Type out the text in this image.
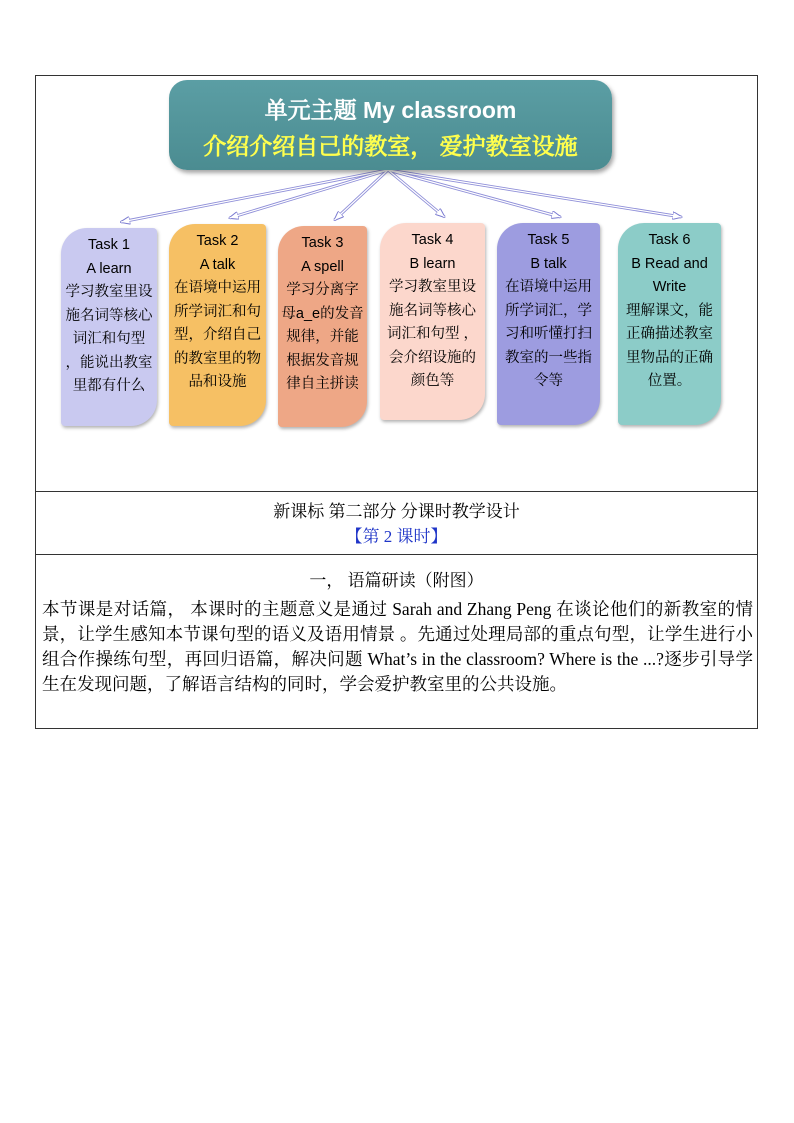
单元主题 My classroom
介绍介绍自己的教室， 爱护教室设施
Task 1
A learn
学习教室里设施名词等核心词汇和句型 ，能说出教室里都有什么
Task 2
A talk
在语境中运用所学词汇和句型，介绍自己的教室里的物品和设施
Task 3
A spell
学习分离字母a_e的发音规律，并能根据发音规律自主拼读
Task 4
B learn
学习教室里设施名词等核心词汇和句型 ，会介绍设施的颜色等
Task 5
B talk
在语境中运用所学词汇，学习和听懂打扫教室的一些指令等
Task 6
B Read and Write
理解课文，能正确描述教室里物品的正确位置。
新课标 第二部分 分课时教学设计
【第 2 课时】
一， 语篇研读（附图）
本节课是对话篇， 本课时的主题意义是通过 Sarah and Zhang Peng 在谈论他们的新教室的情景，让学生感知本节课句型的语义及语用情景 。先通过处理局部的重点句型，让学生进行小组合作操练句型，再回归语篇，解决问题 What’s in the classroom? Where is the ...?逐步引导学生在发现问题，了解语言结构的同时，学会爱护教室里的公共设施。
